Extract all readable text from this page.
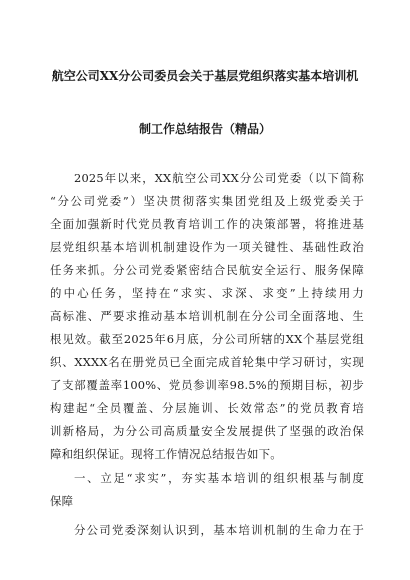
航空公司XX分公司委员会关于基层党组织落实基本培训机
制工作总结报告（精品）
2025年以来，XX航空公司XX分公司党委（以下简称
“分公司党委”）坚决贯彻落实集团党组及上级党委关于
全面加强新时代党员教育培训工作的决策部署，将推进基
层党组织基本培训机制建设作为一项关键性、基础性政治
任务来抓。分公司党委紧密结合民航安全运行、服务保障
的中心任务，坚持在“求实、求深、求变”上持续用力
高标准、严要求推动基本培训机制在分公司全面落地、生
根见效。截至2025年6月底，分公司所辖的XX个基层党组
织、XXXX名在册党员已全面完成首轮集中学习研讨，实现
了支部覆盖率100%、党员参训率98.5%的预期目标，初步
构建起“全员覆盖、分层施训、长效常态”的党员教育培
训新格局，为分公司高质量安全发展提供了坚强的政治保
障和组织保证。现将工作情况总结报告如下。
一、立足“求实”，夯实基本培训的组织根基与制度
保障
分公司党委深刻认识到，基本培训机制的生命力在于
